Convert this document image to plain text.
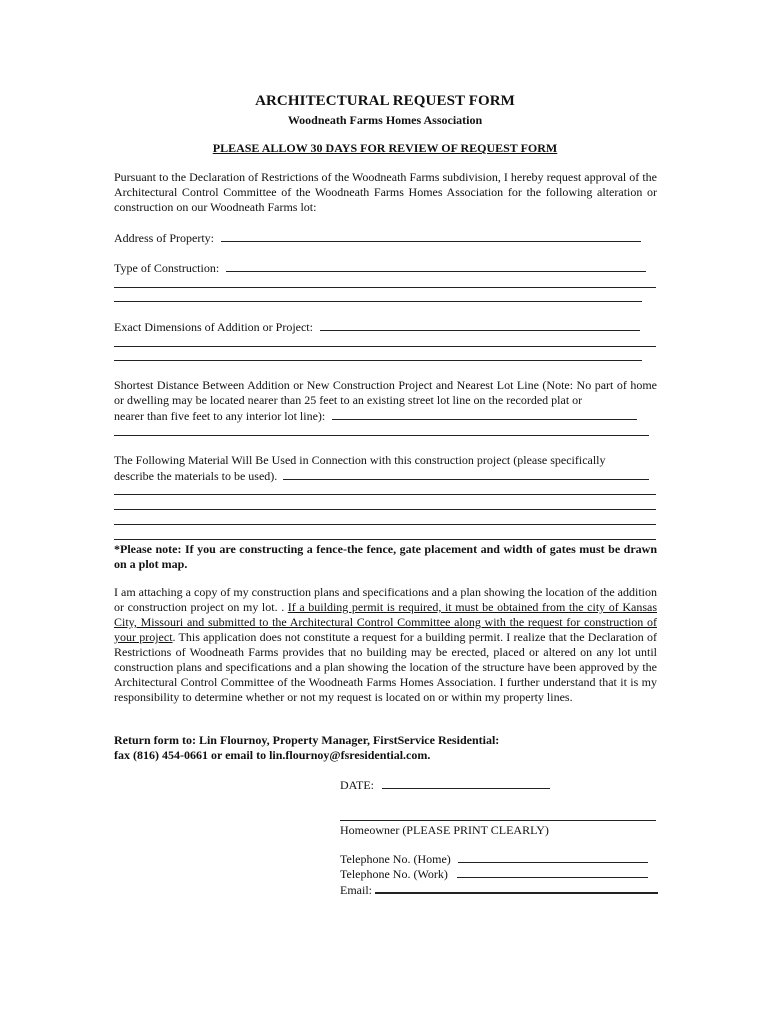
ARCHITECTURAL REQUEST FORM
Woodneath Farms Homes Association
PLEASE ALLOW 30 DAYS FOR REVIEW OF REQUEST FORM

Pursuant to the Declaration of Restrictions of the Woodneath Farms subdivision, I hereby request approval of the Architectural Control Committee of the Woodneath Farms Homes Association for the following alteration or construction on our Woodneath Farms lot:

Address of Property:
Type of Construction:
Exact Dimensions of Addition or Project:

Shortest Distance Between Addition or New Construction Project and Nearest Lot Line (Note: No part of home or dwelling may be located nearer than 25 feet to an existing street lot line on the recorded plat or

nearer than five feet to any interior lot line):

The Following Material Will Be Used in Connection with this construction project (please specifically

describe the materials to be used).

*Please note: If you are constructing a fence-the fence, gate placement and width of gates must be drawn on a plot map.

I am attaching a copy of my construction plans and specifications and a plan showing the location of the addition or construction project on my lot. . If a building permit is required, it must be obtained from the city of Kansas City, Missouri and submitted to the Architectural Control Committee along with the request for construction of your project. This application does not constitute a request for a building permit. I realize that the Declaration of Restrictions of Woodneath Farms provides that no building may be erected, placed or altered on any lot until construction plans and specifications and a plan showing the location of the structure have been approved by the Architectural Control Committee of the Woodneath Farms Homes Association. I further understand that it is my responsibility to determine whether or not my request is located on or within my property lines.

Return form to: Lin Flournoy, Property Manager, FirstService Residential:
fax (816) 454-0661 or email to lin.flournoy@fsresidential.com.
DATE:
Homeowner (PLEASE PRINT CLEARLY)
Telephone No. (Home)
Telephone No. (Work)
Email:
